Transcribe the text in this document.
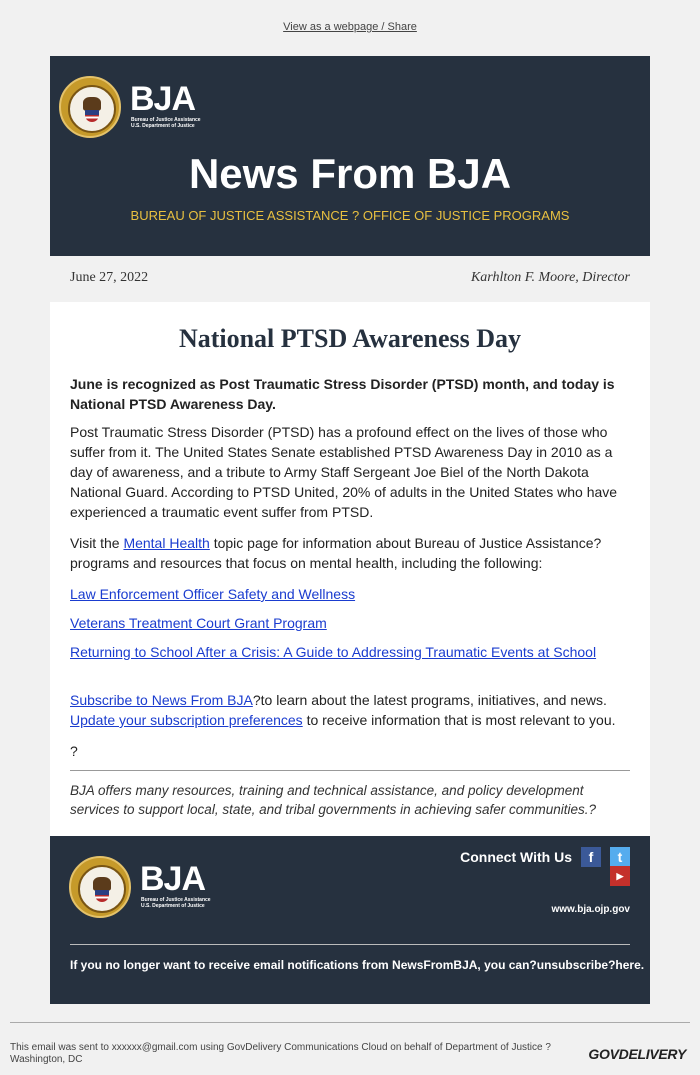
View as a webpage / Share
BJA
Bureau of Justice Assistance
U.S. Department of Justice
News From BJA
BUREAU OF JUSTICE ASSISTANCE ? OFFICE OF JUSTICE PROGRAMS
June 27, 2022	Karhlton F. Moore, Director
National PTSD Awareness Day

June is recognized as Post Traumatic Stress Disorder (PTSD) month, and today is National PTSD Awareness Day.

Post Traumatic Stress Disorder (PTSD) has a profound effect on the lives of those who suffer from it. The United States Senate established PTSD Awareness Day in 2010 as a day of awareness, and a tribute to Army Staff Sergeant Joe Biel of the North Dakota National Guard. According to PTSD United, 20% of adults in the United States who have experienced a traumatic event suffer from PTSD.

Visit the Mental Health topic page for information about Bureau of Justice Assistance? programs and resources that focus on mental health, including the following:

Law Enforcement Officer Safety and Wellness

Veterans Treatment Court Grant Program

Returning to School After a Crisis: A Guide to Addressing Traumatic Events at School

Subscribe to News From BJA?to learn about the latest programs, initiatives, and news.
Update your subscription preferences to receive information that is most relevant to you.

?

BJA offers many resources, training and technical assistance, and policy development services to support local, state, and tribal governments in achieving safer communities.?

BJA
Bureau of Justice Assistance
U.S. Department of Justice
Connect With Us	f	t
▶
www.bja.ojp.gov
If you no longer want to receive email notifications from NewsFromBJA, you can?unsubscribe?here.
This email was sent to xxxxxx@gmail.com using GovDelivery Communications Cloud on behalf of Department of Justice ? Washington, DC	GOVDELIVERY
